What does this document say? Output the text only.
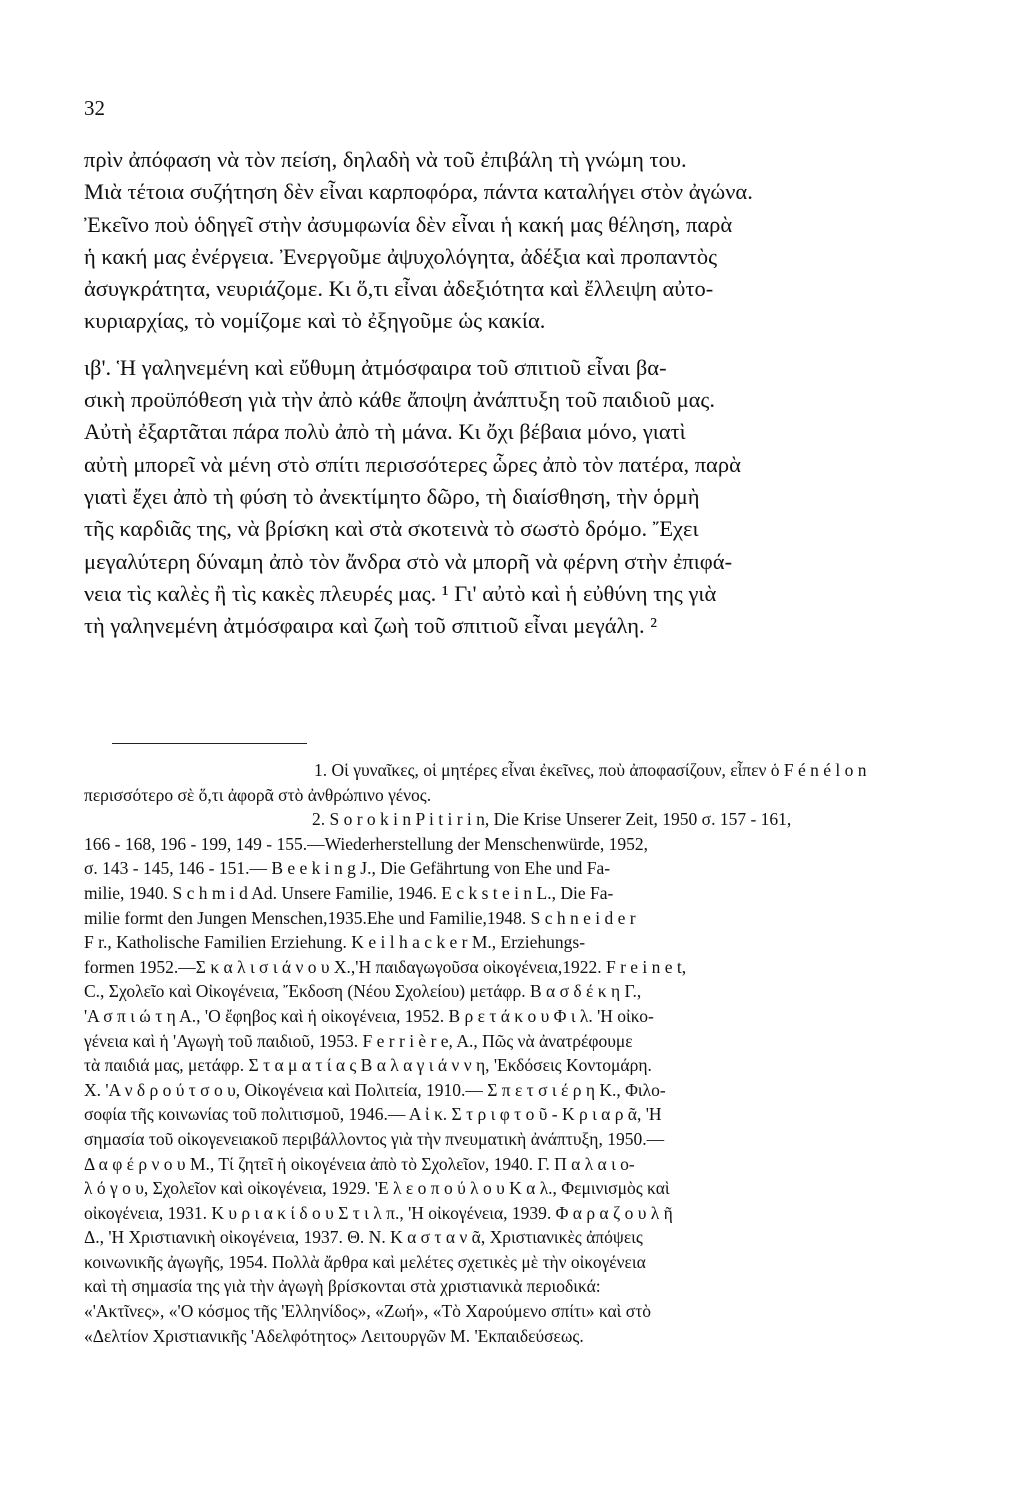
32
πρὶν ἀπόφαση νὰ τὸν πείση, δηλαδὴ νὰ τοῦ ἐπιβάλη τὴ γνώμη του.
Μιὰ τέτοια συζήτηση δὲν εἶναι καρποφόρα, πάντα καταλήγει στὸν ἀγώνα.
Ἐκεῖνο ποὺ ὁδηγεῖ στὴν ἀσυμφωνία δὲν εἶναι ἡ κακή μας θέληση, παρὰ
ἡ κακή μας ἐνέργεια. Ἐνεργοῦμε ἀψυχολόγητα, ἀδέξια καὶ προπαντὸς
ἀσυγκράτητα, νευριάζομε. Κι ὅ,τι εἶναι ἀδεξιότητα καὶ ἔλλειψη αὐτο-
κυριαρχίας, τὸ νομίζομε καὶ τὸ ἐξηγοῦμε ὡς κακία.
ιβ'. Ἡ γαληνεμένη καὶ εὔθυμη ἀτμόσφαιρα τοῦ σπιτιοῦ εἶναι βα-
σικὴ προϋπόθεση γιὰ τὴν ἀπὸ κάθε ἄποψη ἀνάπτυξη τοῦ παιδιοῦ μας.
Αὐτὴ ἐξαρτᾶται πάρα πολὺ ἀπὸ τὴ μάνα. Κι ὄχι βέβαια μόνο, γιατὶ
αὐτὴ μπορεῖ νὰ μένη στὸ σπίτι περισσότερες ὧρες ἀπὸ τὸν πατέρα, παρὰ
γιατὶ ἔχει ἀπὸ τὴ φύση τὸ ἀνεκτίμητο δῶρο, τὴ διαίσθηση, τὴν ὁρμὴ
τῆς καρδιᾶς της, νὰ βρίσκη καὶ στὰ σκοτεινὰ τὸ σωστὸ δρόμο. Ἔχει
μεγαλύτερη δύναμη ἀπὸ τὸν ἄνδρα στὸ νὰ μπορῆ νὰ φέρνη στὴν ἐπιφά-
νεια τὶς καλὲς ἢ τὶς κακὲς πλευρές μας. ¹ Γι' αὐτὸ καὶ ἡ εὐθύνη της γιὰ
τὴ γαληνεμένη ἀτμόσφαιρα καὶ ζωὴ τοῦ σπιτιοῦ εἶναι μεγάλη. ²
1. Οἱ γυναῖκες, οἱ μητέρες εἶναι ἐκεῖνες, ποὺ ἀποφασίζουν, εἶπεν ὁ F é n é l o n
περισσότερο σὲ ὅ,τι ἀφορᾶ στὸ ἀνθρώπινο γένος.
2. S o r o k i n P i t i r i n, Die Krise Unserer Zeit, 1950 σ. 157 - 161,
166 - 168, 196 - 199, 149 - 155.—Wiederherstellung der Menschenwürde, 1952,
σ. 143 - 145, 146 - 151.— B e e k i n g J., Die Gefährtung von Ehe und Fa-
milie, 1940. S c h m i d Ad. Unsere Familie, 1946. E c k s t e i n L., Die Fa-
milie formt den Jungen Menschen,1935.Ehe und Familie,1948. S c h n e i d e r
F r., Katholische Familien Erziehung. K e i l h a c k e r M., Erziehungs-
formen 1952.—Σ κ α λ ι σ ι ά ν ο υ Χ.,'Η παιδαγωγοῦσα οἰκογένεια,1922. F r e i n e t,
C., Σχολεῖο καὶ Οἰκογένεια, Ἔκδοση (Νέου Σχολείου) μετάφρ. Β α σ δ έ κ η Γ.,
'Α σ π ι ώ τ η Α., 'Ο ἔφηβος καὶ ἡ οἰκογένεια, 1952. Β ρ ε τ ά κ ο υ Φ ι λ. 'Η οἰκο-
γένεια καὶ ἡ 'Αγωγὴ τοῦ παιδιοῦ, 1953. F e r r i è r e, A., Πῶς νὰ ἀνατρέφουμε
τὰ παιδιά μας, μετάφρ. Σ τ α μ α τ ί α ς Β α λ α γ ι ά ν ν η, 'Εκδόσεις Κοντομάρη.
Χ. 'Α ν δ ρ ο ύ τ σ ο υ, Οἰκογένεια καὶ Πολιτεία, 1910.— Σ π ε τ σ ι έ ρ η Κ., Φιλο-
σοφία τῆς κοινωνίας τοῦ πολιτισμοῦ, 1946.— Α ἰ κ. Σ τ ρ ι φ τ ο ῦ - Κ ρ ι α ρ ᾶ, 'Η
σημασία τοῦ οἰκογενειακοῦ περιβάλλοντος γιὰ τὴν πνευματικὴ ἀνάπτυξη, 1950.—
Δ α φ έ ρ ν ο υ Μ., Τί ζητεῖ ἡ οἰκογένεια ἀπὸ τὸ Σχολεῖον, 1940. Γ. Π α λ α ι ο-
λ ό γ ο υ, Σχολεῖον καὶ οἰκογένεια, 1929. 'Ε λ ε ο π ο ύ λ ο υ Κ α λ., Φεμινισμὸς καὶ
οἰκογένεια, 1931. Κ υ ρ ι α κ ί δ ο υ Σ τ ι λ π., 'Η οἰκογένεια, 1939. Φ α ρ α ζ ο υ λ ῆ
Δ., 'Η Χριστιανικὴ οἰκογένεια, 1937. Θ. Ν. Κ α σ τ α ν ᾶ, Χριστιανικὲς ἀπόψεις
κοινωνικῆς ἀγωγῆς, 1954. Πολλὰ ἄρθρα καὶ μελέτες σχετικὲς μὲ τὴν οἰκογένεια
καὶ τὴ σημασία της γιὰ τὴν ἀγωγὴ βρίσκονται στὰ χριστιανικὰ περιοδικά:
«'Ακτῖνες», «'Ο κόσμος τῆς 'Ελληνίδος», «Ζωή», «Τὸ Χαρούμενο σπίτι» καὶ στὸ
«Δελτίον Χριστιανικῆς 'Αδελφότητος» Λειτουργῶν Μ. 'Εκπαιδεύσεως.
